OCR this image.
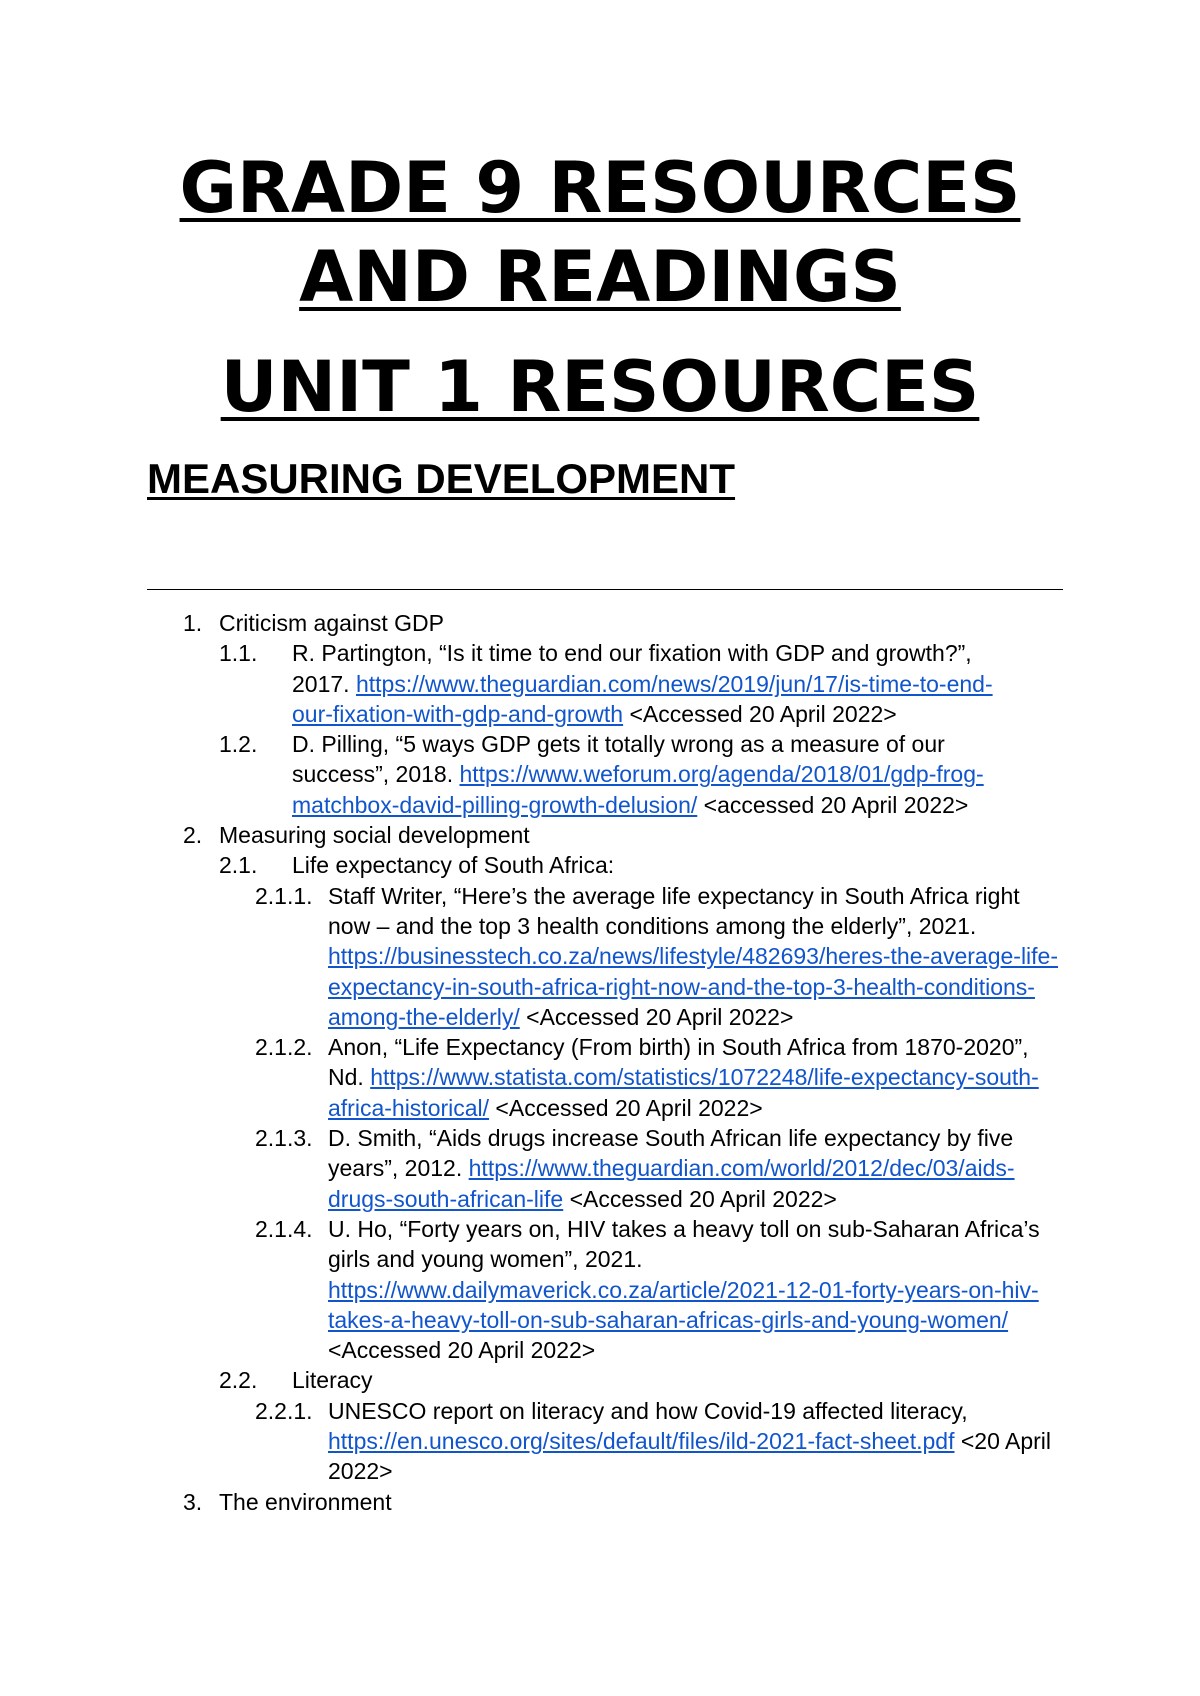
GRADE 9 RESOURCES
AND READINGS
UNIT 1 RESOURCES
MEASURING DEVELOPMENT
1. Criticism against GDP
1.1. R. Partington, “Is it time to end our fixation with GDP and growth?”, 2017. https://www.theguardian.com/news/2019/jun/17/is-time-to-end-our-fixation-with-gdp-and-growth <Accessed 20 April 2022>
1.2. D. Pilling, “5 ways GDP gets it totally wrong as a measure of our success”, 2018. https://www.weforum.org/agenda/2018/01/gdp-frog-matchbox-david-pilling-growth-delusion/ <accessed 20 April 2022>
2. Measuring social development
2.1. Life expectancy of South Africa:
2.1.1. Staff Writer, “Here’s the average life expectancy in South Africa right now – and the top 3 health conditions among the elderly”, 2021. https://businesstech.co.za/news/lifestyle/482693/heres-the-average-life-expectancy-in-south-africa-right-now-and-the-top-3-health-conditions-among-the-elderly/ <Accessed 20 April 2022>
2.1.2. Anon, “Life Expectancy (From birth) in South Africa from 1870-2020”, Nd. https://www.statista.com/statistics/1072248/life-expectancy-south-africa-historical/ <Accessed 20 April 2022>
2.1.3. D. Smith, “Aids drugs increase South African life expectancy by five years”, 2012. https://www.theguardian.com/world/2012/dec/03/aids-drugs-south-african-life <Accessed 20 April 2022>
2.1.4. U. Ho, “Forty years on, HIV takes a heavy toll on sub-Saharan Africa’s girls and young women”, 2021. https://www.dailymaverick.co.za/article/2021-12-01-forty-years-on-hiv-takes-a-heavy-toll-on-sub-saharan-africas-girls-and-young-women/ <Accessed 20 April 2022>
2.2. Literacy
2.2.1. UNESCO report on literacy and how Covid-19 affected literacy, https://en.unesco.org/sites/default/files/ild-2021-fact-sheet.pdf <20 April 2022>
3. The environment
